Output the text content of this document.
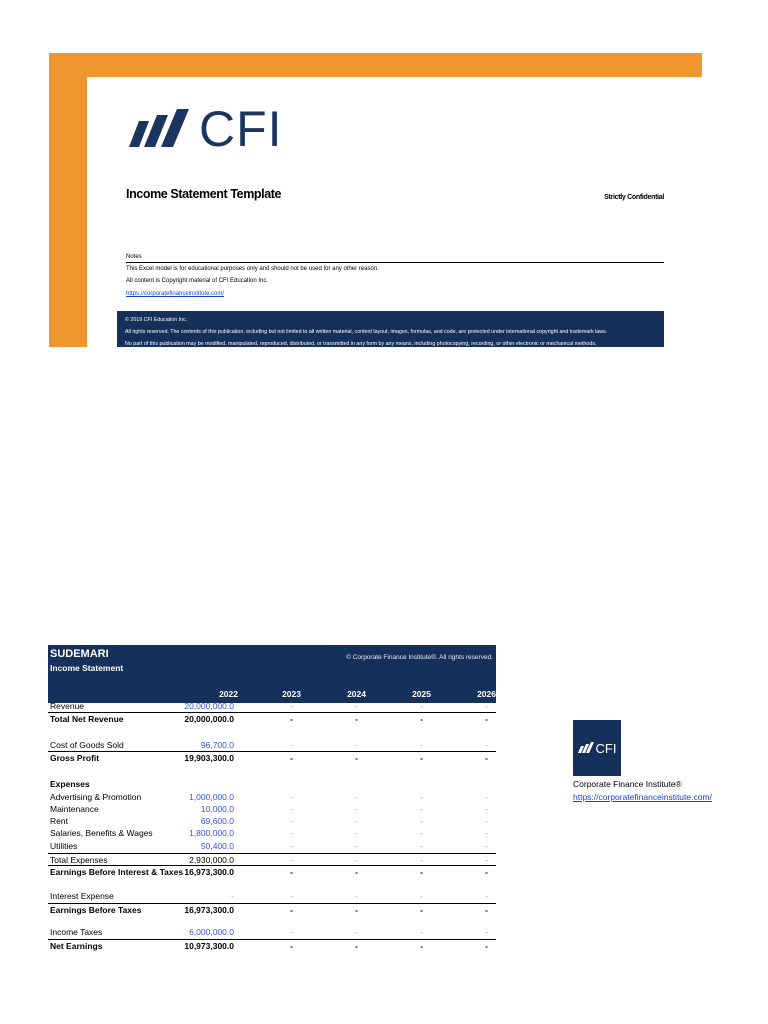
CFI
Income Statement Template	Strictly Confidential
Notes
This Excel model is for educational purposes only and should not be used for any other reason.
All content is Copyright material of CFI Education Inc.
https://corporatefinanceinstitute.com/
© 2019 CFI Education Inc.
All rights reserved. The contents of this publication, including but not limited to all written material, content layout, images, formulas, and code, are protected under international copyright and trademark laws.
No part of this publication may be modified, manipulated, reproduced, distributed, or transmitted in any form by any means, including photocopying, recording, or other electronic or mechanical methods,
SUDEMARI
Income Statement
© Corporate Finance Institute®. All rights reserved.
2022	2023	2024	2025	2026
Revenue	20,000,000.0	-	-	-	-
Total Net Revenue	20,000,000.0	-	-	-	-
Cost of Goods Sold	96,700.0	-	-	-	-
Gross Profit	19,903,300.0	-	-	-	-
Expenses
Advertising & Promotion	1,000,000.0	-	-	-	-
Maintenance	10,000.0	-	-	-	-
Rent	69,600.0	-	-	-	-
Salaries, Benefits & Wages	1,800,000.0	-	-	-	-
Utilities	50,400.0	-	-	-	-
Total Expenses	2,930,000.0	-	-	-	-
Earnings Before Interest & Taxes 16,973,300.0	-	-	-	-
Interest Expense	-	-	-	-	-
Earnings Before Taxes	16,973,300.0	-	-	-	-
Income Taxes	6,000,000.0	-	-	-	-
Net Earnings	10,973,300.0	-	-	-	-
CFI
Corporate Finance Institute®
https://corporatefinanceinstitute.com/
